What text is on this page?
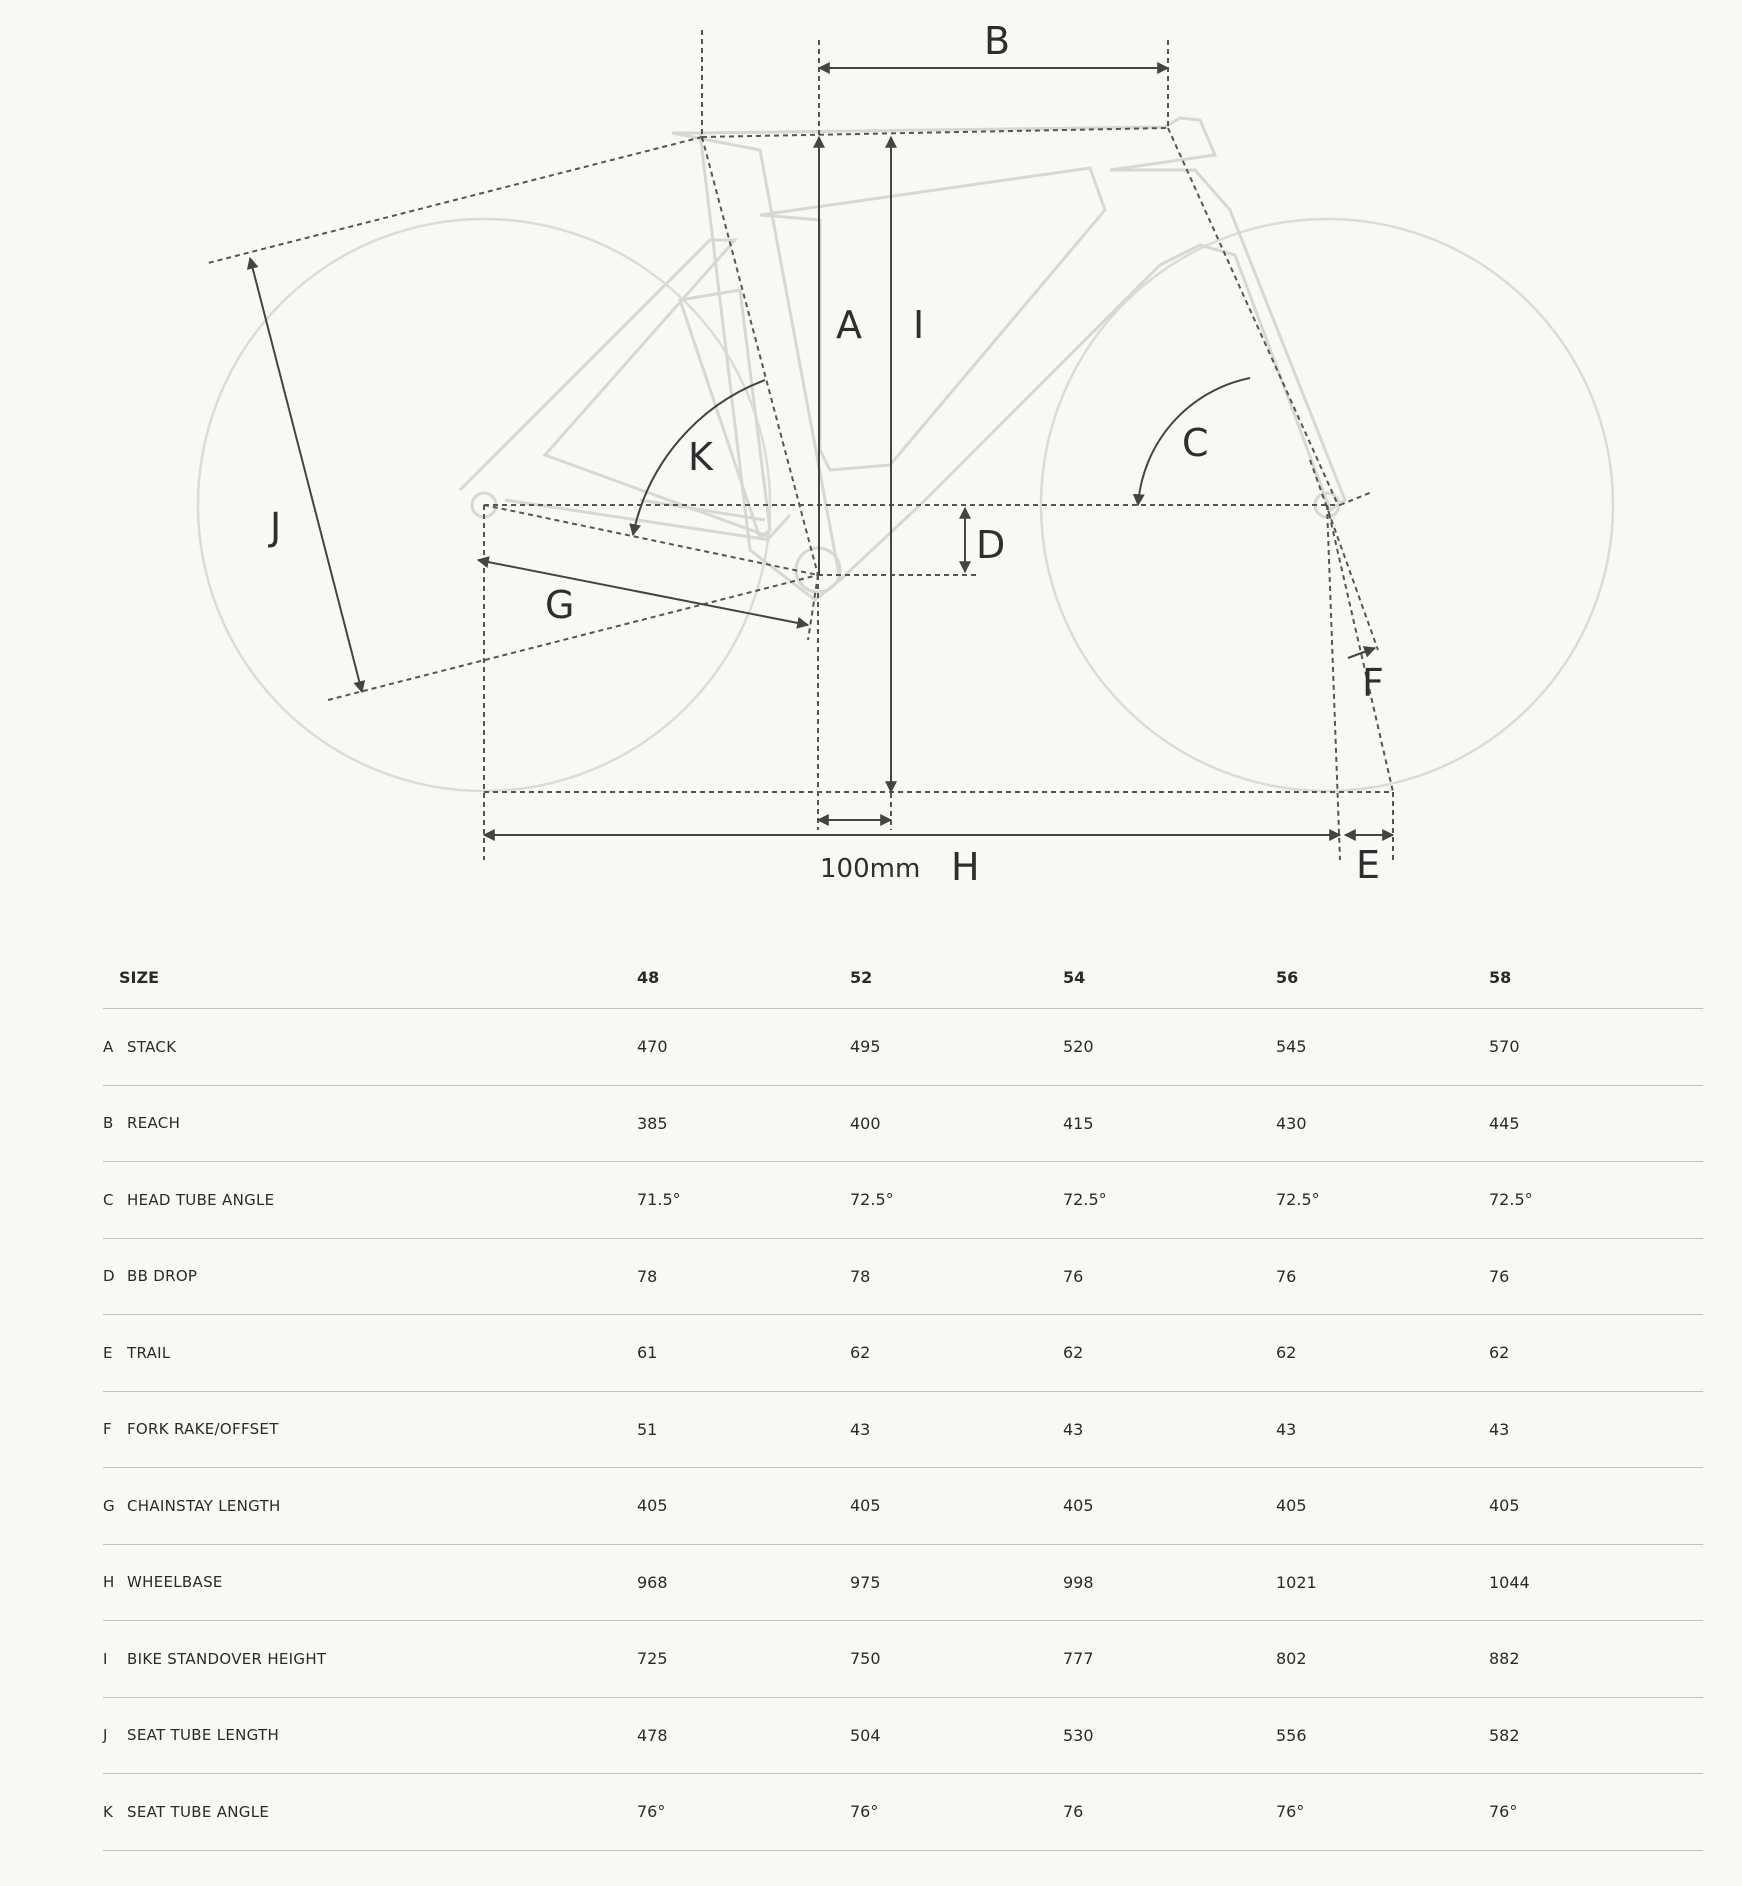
A
B
C
D
E
F
G
H
I
J
K
100mm
SIZE	48	52	54	56	58
A STACK	470	495	520	545	570
B REACH	385	400	415	430	445
C HEAD TUBE ANGLE	71.5°	72.5°	72.5°	72.5°	72.5°
D BB DROP	78	78	76	76	76
E TRAIL	61	62	62	62	62
F	FORK RAKE/OFFSET	51	43	43	43	43
G CHAINSTAY LENGTH	405	405	405	405	405
H WHEELBASE	968	975	998	1021	1044
I	BIKE STANDOVER HEIGHT	725	750	777	802	882
J	SEAT TUBE LENGTH	478	504	530	556	582
K SEAT TUBE ANGLE	76°	76°	76	76°	76°
